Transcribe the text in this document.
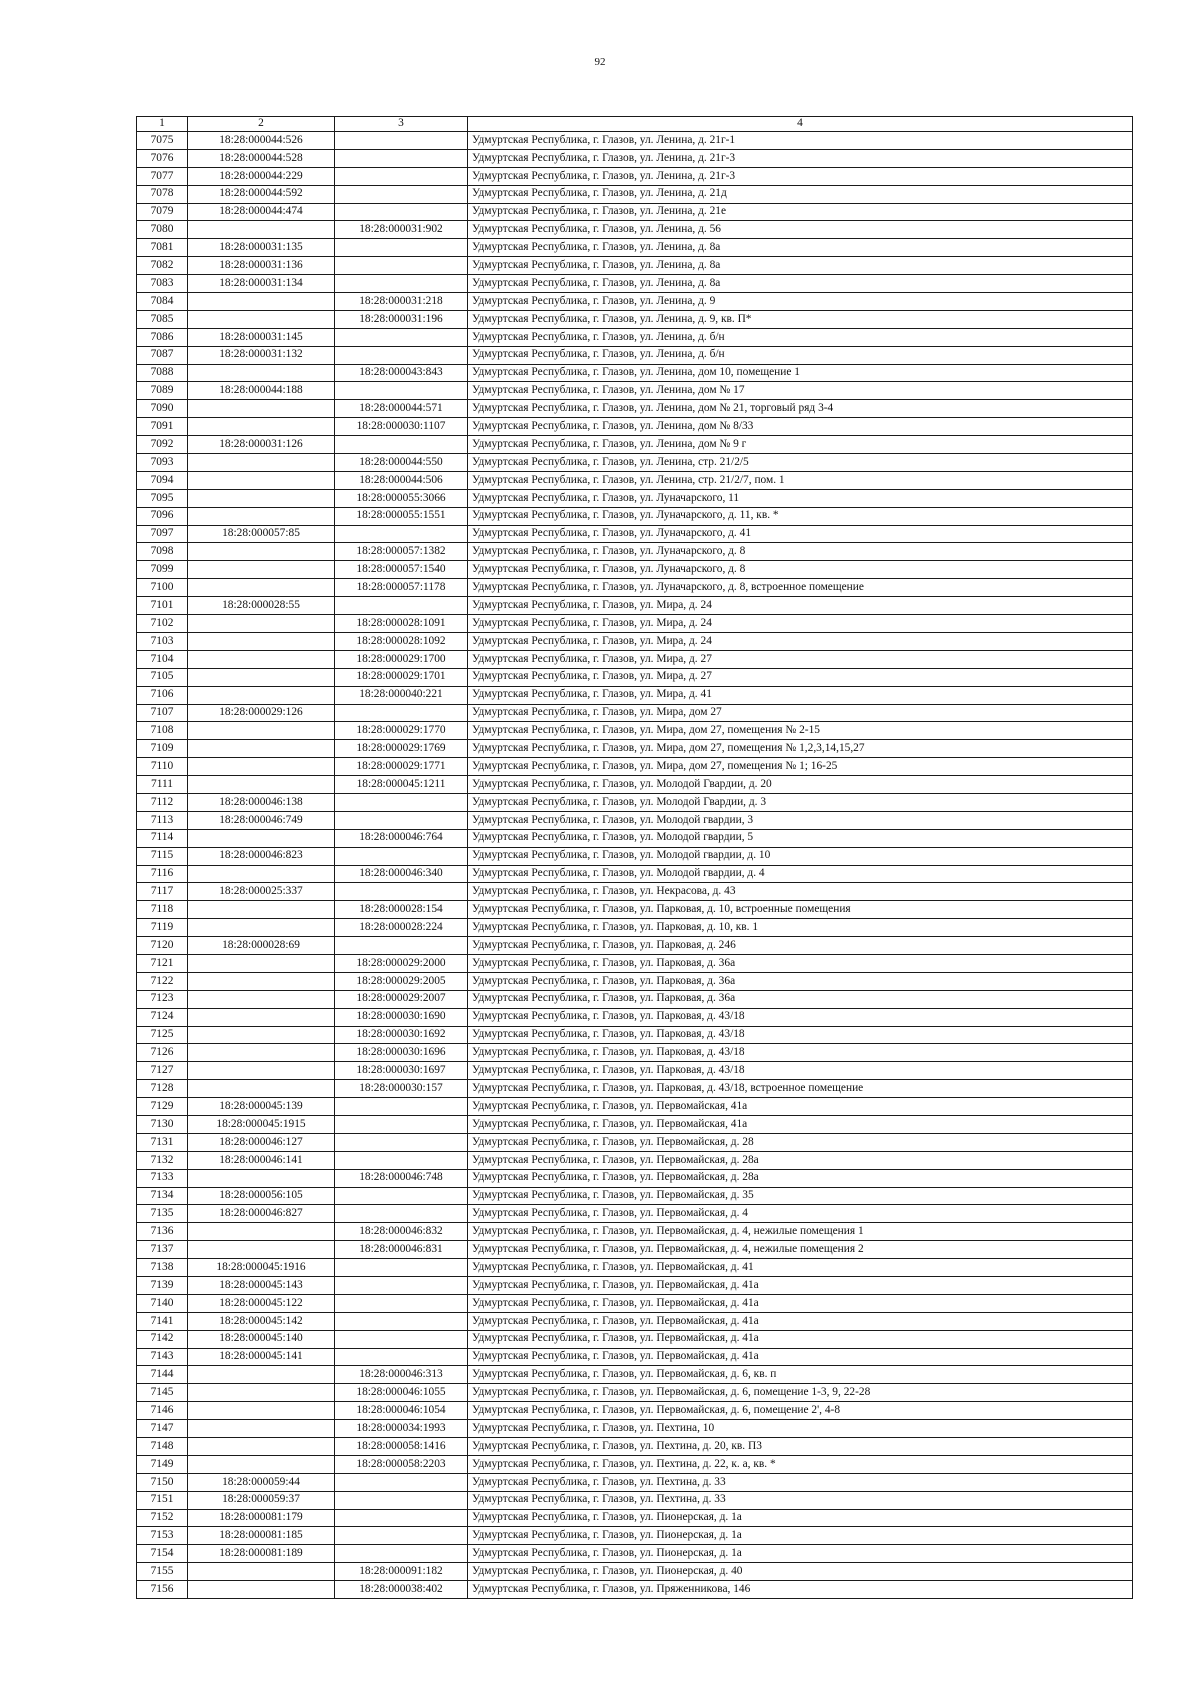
92
1	2	3	4
7075	18:28:000044:526		Удмуртская Республика, г. Глазов, ул. Ленина, д. 21г-1
7076	18:28:000044:528		Удмуртская Республика, г. Глазов, ул. Ленина, д. 21г-3
7077	18:28:000044:229		Удмуртская Республика, г. Глазов, ул. Ленина, д. 21г-3
7078	18:28:000044:592		Удмуртская Республика, г. Глазов, ул. Ленина, д. 21д
7079	18:28:000044:474		Удмуртская Республика, г. Глазов, ул. Ленина, д. 21е
7080		18:28:000031:902	Удмуртская Республика, г. Глазов, ул. Ленина, д. 56
7081	18:28:000031:135		Удмуртская Республика, г. Глазов, ул. Ленина, д. 8а
7082	18:28:000031:136		Удмуртская Республика, г. Глазов, ул. Ленина, д. 8а
7083	18:28:000031:134		Удмуртская Республика, г. Глазов, ул. Ленина, д. 8а
7084		18:28:000031:218	Удмуртская Республика, г. Глазов, ул. Ленина, д. 9
7085		18:28:000031:196	Удмуртская Республика, г. Глазов, ул. Ленина, д. 9, кв. П*
7086	18:28:000031:145		Удмуртская Республика, г. Глазов, ул. Ленина, д. б/н
7087	18:28:000031:132		Удмуртская Республика, г. Глазов, ул. Ленина, д. б/н
7088		18:28:000043:843	Удмуртская Республика, г. Глазов, ул. Ленина, дом 10, помещение 1
7089	18:28:000044:188		Удмуртская Республика, г. Глазов, ул. Ленина, дом № 17
7090		18:28:000044:571	Удмуртская Республика, г. Глазов, ул. Ленина, дом № 21, торговый ряд 3-4
7091		18:28:000030:1107	Удмуртская Республика, г. Глазов, ул. Ленина, дом № 8/33
7092	18:28:000031:126		Удмуртская Республика, г. Глазов, ул. Ленина, дом № 9 г
7093		18:28:000044:550	Удмуртская Республика, г. Глазов, ул. Ленина, стр. 21/2/5
7094		18:28:000044:506	Удмуртская Республика, г. Глазов, ул. Ленина, стр. 21/2/7, пом. 1
7095		18:28:000055:3066	Удмуртская Республика, г. Глазов, ул. Луначарского, 11
7096		18:28:000055:1551	Удмуртская Республика, г. Глазов, ул. Луначарского, д. 11, кв. *
7097	18:28:000057:85		Удмуртская Республика, г. Глазов, ул. Луначарского, д. 41
7098		18:28:000057:1382	Удмуртская Республика, г. Глазов, ул. Луначарского, д. 8
7099		18:28:000057:1540	Удмуртская Республика, г. Глазов, ул. Луначарского, д. 8
7100		18:28:000057:1178	Удмуртская Республика, г. Глазов, ул. Луначарского, д. 8, встроенное помещение
7101	18:28:000028:55		Удмуртская Республика, г. Глазов, ул. Мира, д. 24
7102		18:28:000028:1091	Удмуртская Республика, г. Глазов, ул. Мира, д. 24
7103		18:28:000028:1092	Удмуртская Республика, г. Глазов, ул. Мира, д. 24
7104		18:28:000029:1700	Удмуртская Республика, г. Глазов, ул. Мира, д. 27
7105		18:28:000029:1701	Удмуртская Республика, г. Глазов, ул. Мира, д. 27
7106		18:28:000040:221	Удмуртская Республика, г. Глазов, ул. Мира, д. 41
7107	18:28:000029:126		Удмуртская Республика, г. Глазов, ул. Мира, дом 27
7108		18:28:000029:1770	Удмуртская Республика, г. Глазов, ул. Мира, дом 27, помещения № 2-15
7109		18:28:000029:1769	Удмуртская Республика, г. Глазов, ул. Мира, дом 27, помещения № 1,2,3,14,15,27
7110		18:28:000029:1771	Удмуртская Республика, г. Глазов, ул. Мира, дом 27, помещения № 1; 16-25
7111		18:28:000045:1211	Удмуртская Республика, г. Глазов, ул. Молодой Гвардии, д. 20
7112	18:28:000046:138		Удмуртская Республика, г. Глазов, ул. Молодой Гвардии, д. 3
7113	18:28:000046:749		Удмуртская Республика, г. Глазов, ул. Молодой гвардии, 3
7114		18:28:000046:764	Удмуртская Республика, г. Глазов, ул. Молодой гвардии, 5
7115	18:28:000046:823		Удмуртская Республика, г. Глазов, ул. Молодой гвардии, д. 10
7116		18:28:000046:340	Удмуртская Республика, г. Глазов, ул. Молодой гвардии, д. 4
7117	18:28:000025:337		Удмуртская Республика, г. Глазов, ул. Некрасова, д. 43
7118		18:28:000028:154	Удмуртская Республика, г. Глазов, ул. Парковая, д. 10, встроенные помещения
7119		18:28:000028:224	Удмуртская Республика, г. Глазов, ул. Парковая, д. 10, кв. 1
7120	18:28:000028:69		Удмуртская Республика, г. Глазов, ул. Парковая, д. 246
7121		18:28:000029:2000	Удмуртская Республика, г. Глазов, ул. Парковая, д. 36а
7122		18:28:000029:2005	Удмуртская Республика, г. Глазов, ул. Парковая, д. 36а
7123		18:28:000029:2007	Удмуртская Республика, г. Глазов, ул. Парковая, д. 36а
7124		18:28:000030:1690	Удмуртская Республика, г. Глазов, ул. Парковая, д. 43/18
7125		18:28:000030:1692	Удмуртская Республика, г. Глазов, ул. Парковая, д. 43/18
7126		18:28:000030:1696	Удмуртская Республика, г. Глазов, ул. Парковая, д. 43/18
7127		18:28:000030:1697	Удмуртская Республика, г. Глазов, ул. Парковая, д. 43/18
7128		18:28:000030:157	Удмуртская Республика, г. Глазов, ул. Парковая, д. 43/18, встроенное помещение
7129	18:28:000045:139		Удмуртская Республика, г. Глазов, ул. Первомайская, 41а
7130	18:28:000045:1915		Удмуртская Республика, г. Глазов, ул. Первомайская, 41а
7131	18:28:000046:127		Удмуртская Республика, г. Глазов, ул. Первомайская, д. 28
7132	18:28:000046:141		Удмуртская Республика, г. Глазов, ул. Первомайская, д. 28а
7133		18:28:000046:748	Удмуртская Республика, г. Глазов, ул. Первомайская, д. 28а
7134	18:28:000056:105		Удмуртская Республика, г. Глазов, ул. Первомайская, д. 35
7135	18:28:000046:827		Удмуртская Республика, г. Глазов, ул. Первомайская, д. 4
7136		18:28:000046:832	Удмуртская Республика, г. Глазов, ул. Первомайская, д. 4, нежилые помещения 1
7137		18:28:000046:831	Удмуртская Республика, г. Глазов, ул. Первомайская, д. 4, нежилые помещения 2
7138	18:28:000045:1916		Удмуртская Республика, г. Глазов, ул. Первомайская, д. 41
7139	18:28:000045:143		Удмуртская Республика, г. Глазов, ул. Первомайская, д. 41а
7140	18:28:000045:122		Удмуртская Республика, г. Глазов, ул. Первомайская, д. 41а
7141	18:28:000045:142		Удмуртская Республика, г. Глазов, ул. Первомайская, д. 41а
7142	18:28:000045:140		Удмуртская Республика, г. Глазов, ул. Первомайская, д. 41а
7143	18:28:000045:141		Удмуртская Республика, г. Глазов, ул. Первомайская, д. 41а
7144		18:28:000046:313	Удмуртская Республика, г. Глазов, ул. Первомайская, д. 6, кв. п
7145		18:28:000046:1055	Удмуртская Республика, г. Глазов, ул. Первомайская, д. 6, помещение 1-3, 9, 22-28
7146		18:28:000046:1054	Удмуртская Республика, г. Глазов, ул. Первомайская, д. 6, помещение 2', 4-8
7147		18:28:000034:1993	Удмуртская Республика, г. Глазов, ул. Пехтина, 10
7148		18:28:000058:1416	Удмуртская Республика, г. Глазов, ул. Пехтина, д. 20, кв. П3
7149		18:28:000058:2203	Удмуртская Республика, г. Глазов, ул. Пехтина, д. 22, к. а, кв. *
7150	18:28:000059:44		Удмуртская Республика, г. Глазов, ул. Пехтина, д. 33
7151	18:28:000059:37		Удмуртская Республика, г. Глазов, ул. Пехтина, д. 33
7152	18:28:000081:179		Удмуртская Республика, г. Глазов, ул. Пионерская, д. 1а
7153	18:28:000081:185		Удмуртская Республика, г. Глазов, ул. Пионерская, д. 1а
7154	18:28:000081:189		Удмуртская Республика, г. Глазов, ул. Пионерская, д. 1а
7155		18:28:000091:182	Удмуртская Республика, г. Глазов, ул. Пионерская, д. 40
7156		18:28:000038:402	Удмуртская Республика, г. Глазов, ул. Пряженникова, 146
